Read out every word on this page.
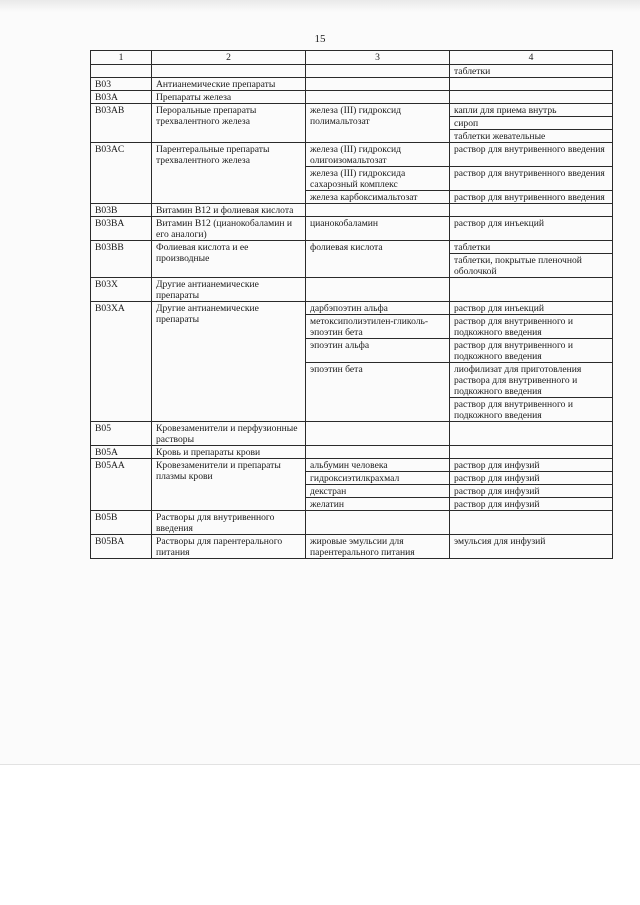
15
1	2	3	4
			таблетки
B03	Антианемические препараты		
B03A	Препараты железа		
B03AB	Пероральные препараты трехвалентного железа	железа (III) гидроксид полимальтозат	капли для приема внутрь
			сироп
			таблетки жевательные
B03AC	Парентеральные препараты трехвалентного железа	железа (III) гидроксид олигоизомальтозат	раствор для внутривенного введения
		железа (III) гидроксида сахарозный комплекс	раствор для внутривенного введения
		железа карбоксимальтозат	раствор для внутривенного введения
B03B	Витамин B12 и фолиевая кислота		
B03BA	Витамин B12 (цианокобаламин и его аналоги)	цианокобаламин	раствор для инъекций
B03BB	Фолиевая кислота и ее производные	фолиевая кислота	таблетки
			таблетки, покрытые пленочной оболочкой
B03X	Другие антианемические препараты		
B03XA	Другие антианемические препараты	дарбэпоэтин альфа	раствор для инъекций
		метоксиполиэтилен-гликоль-эпоэтин бета	раствор для внутривенного и подкожного введения
		эпоэтин альфа	раствор для внутривенного и подкожного введения
		эпоэтин бета	лиофилизат для приготовления раствора для внутривенного и подкожного введения
			раствор для внутривенного и подкожного введения
B05	Кровезаменители и перфузионные растворы		
B05A	Кровь и препараты крови		
B05AA	Кровезаменители и препараты плазмы крови	альбумин человека	раствор для инфузий
		гидроксиэтилкрахмал	раствор для инфузий
		декстран	раствор для инфузий
		желатин	раствор для инфузий
B05B	Растворы для внутривенного введения		
B05BA	Растворы для парентерального питания	жировые эмульсии для парентерального питания	эмульсия для инфузий
